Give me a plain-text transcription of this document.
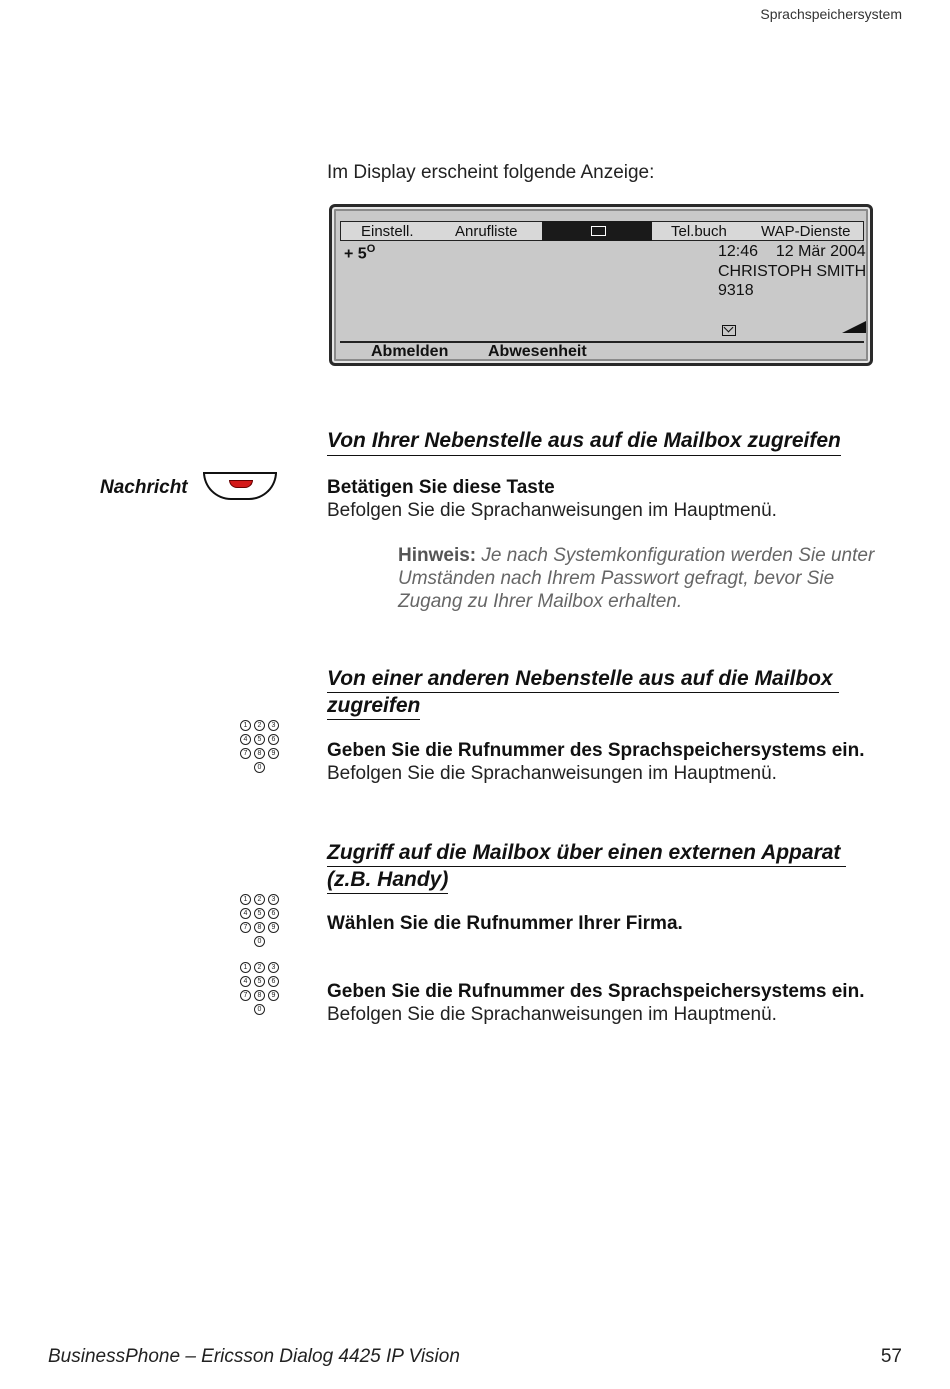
Sprachspeichersystem
Im Display erscheint folgende Anzeige:
Einstell.	Anrufliste	Tel.buch WAP-Dienste
+ $5^O$	12:46    12 Mär 2004
CHRISTOPH SMITH
9318
Abmelden Abwesenheit
Von Ihrer Nebenstelle aus auf die Mailbox zugreifen
Nachricht	Betätigen Sie diese Taste
Befolgen Sie die Sprachanweisungen im Hauptmenü.
Hinweis: Je nach Systemkonfiguration werden Sie unter
Umständen nach Ihrem Passwort gefragt, bevor Sie
Zugang zu Ihrer Mailbox erhalten.
Von einer anderen Nebenstelle aus auf die Mailbox
zugreifen
1	2	3
4	5	6
7	8	9
0
Geben Sie die Rufnummer des Sprachspeichersystems ein.
Befolgen Sie die Sprachanweisungen im Hauptmenü.
Zugriff auf die Mailbox über einen externen Apparat
(z.B. Handy)
1	2	3
4	5	6
7	8	9
0
Wählen Sie die Rufnummer Ihrer Firma.
1	2	3
4	5	6
7	8	9
0
Geben Sie die Rufnummer des Sprachspeichersystems ein.
Befolgen Sie die Sprachanweisungen im Hauptmenü.
BusinessPhone – Ericsson Dialog 4425 IP Vision	57
